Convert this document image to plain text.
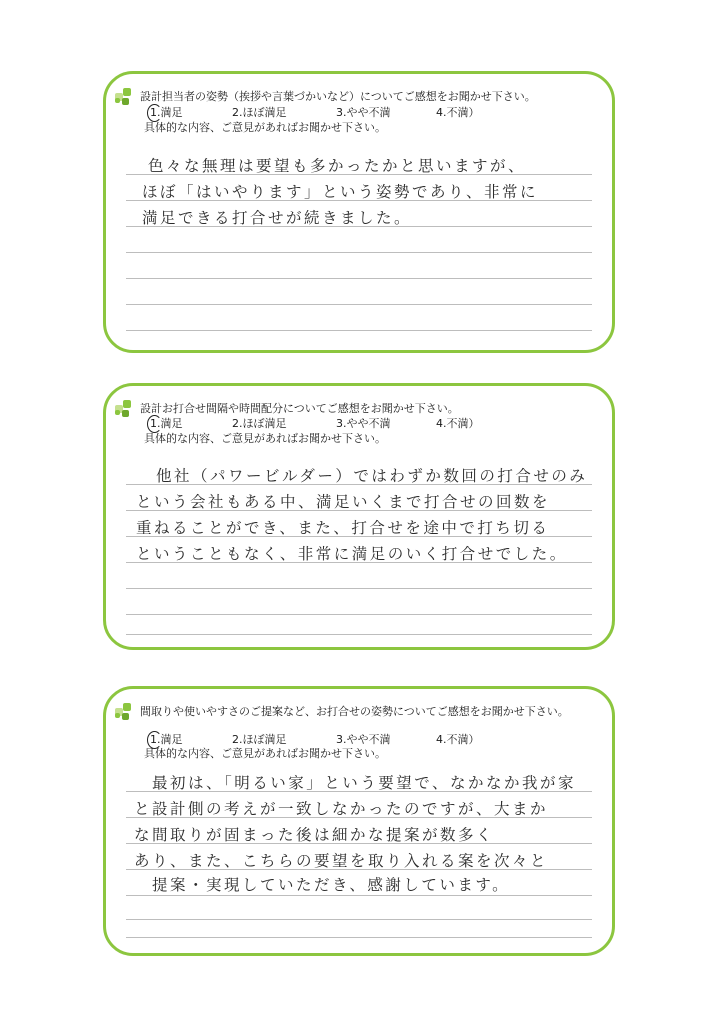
設計担当者の姿勢（挨拶や言葉づかいなど）についてご感想をお聞かせ下さい。
1.満足	2.ほぼ満足	3.やや不満	4.不満）
具体的な内容、ご意見があればお聞かせ下さい。
色々な無理は要望も多かったかと思いますが、
ほぼ「はいやります」という姿勢であり、非常に
満足できる打合せが続きました。
設計お打合せ間隔や時間配分についてご感想をお聞かせ下さい。
1.満足	2.ほぼ満足	3.やや不満	4.不満）
具体的な内容、ご意見があればお聞かせ下さい。
他社（パワービルダー）ではわずか数回の打合せのみ
という会社もある中、満足いくまで打合せの回数を
重ねることができ、また、打合せを途中で打ち切る
ということもなく、非常に満足のいく打合せでした。
間取りや使いやすさのご提案など、お打合せの姿勢についてご感想をお聞かせ下さい。
1.満足	2.ほぼ満足	3.やや不満	4.不満）
具体的な内容、ご意見があればお聞かせ下さい。
最初は、「明るい家」という要望で、なかなか我が家
と設計側の考えが一致しなかったのですが、大まか
な間取りが固まった後は細かな提案が数多く
あり、また、こちらの要望を取り入れる案を次々と
提案・実現していただき、感謝しています。
